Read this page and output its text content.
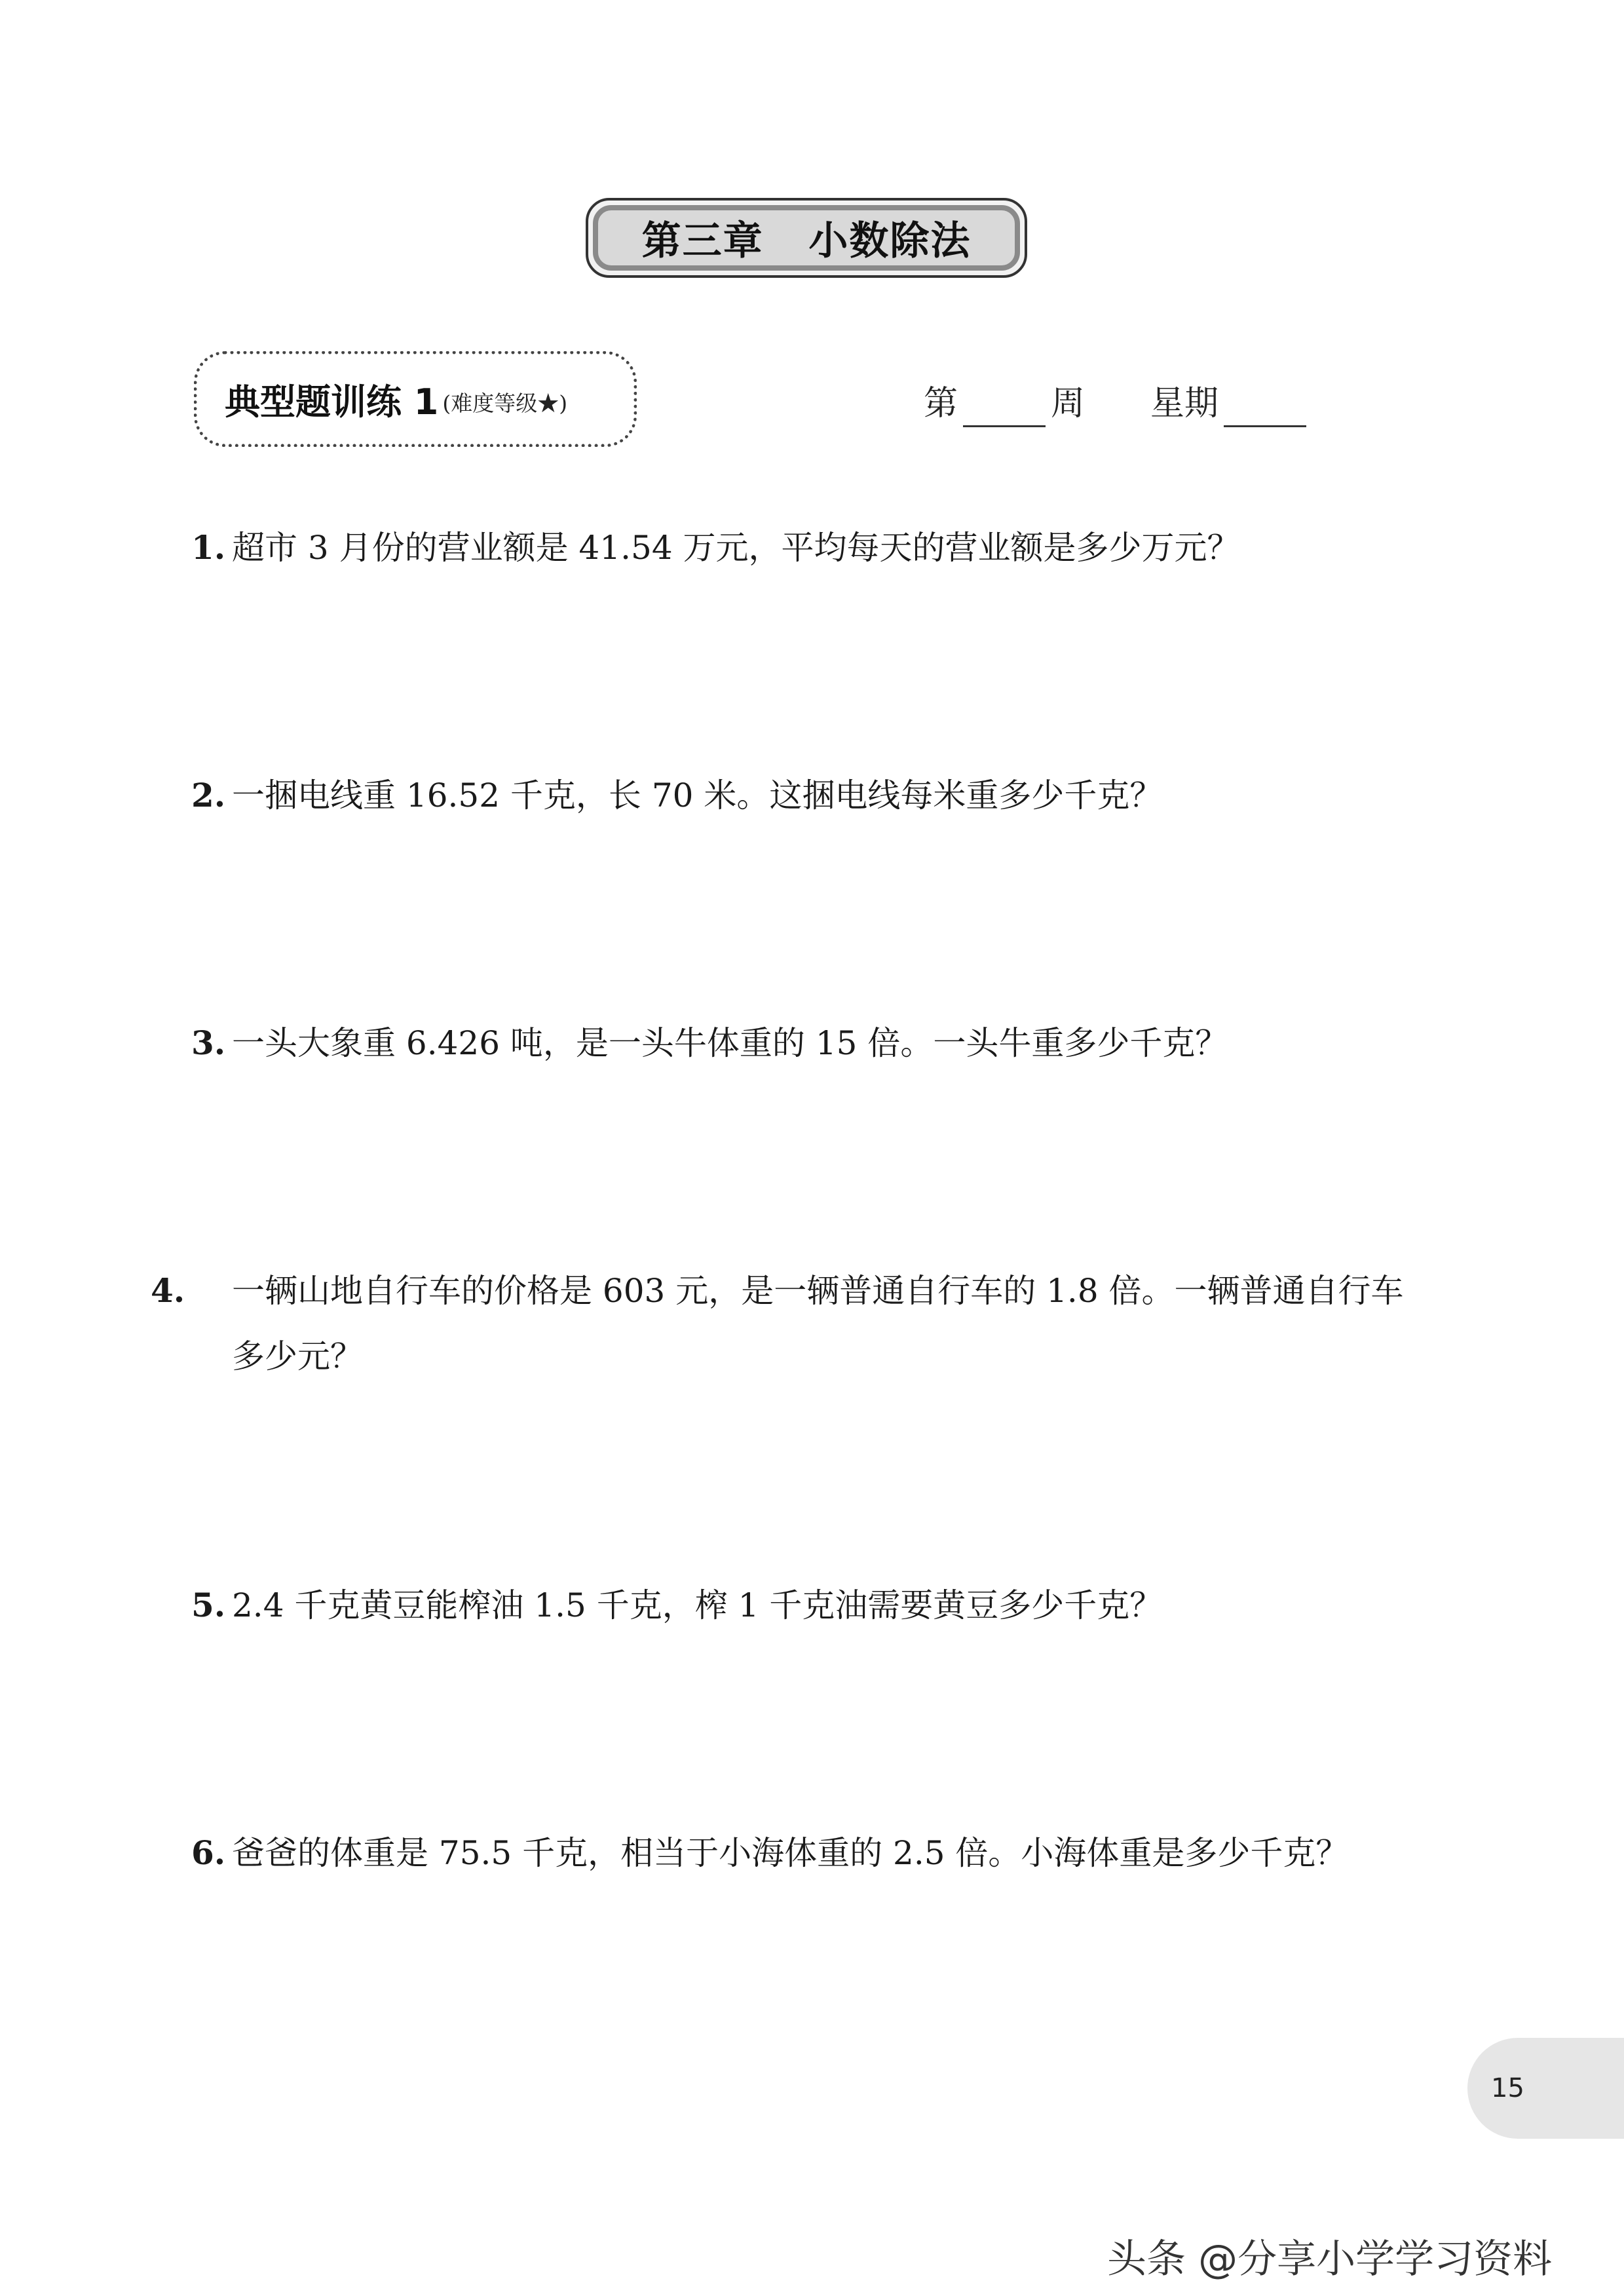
第三章   小数除法
典型题训练 1 (难度等级★)	第	周 星期
1. 超市 3 月份的营业额是 41.54 万元，平均每天的营业额是多少万元？
2. 一捆电线重 16.52 千克，长 70 米。这捆电线每米重多少千克？
3. 一头大象重 6.426 吨，是一头牛体重的 15 倍。一头牛重多少千克？
4. 一辆山地自行车的价格是 603 元，是一辆普通自行车的 1.8 倍。一辆普通自行车多少元？
5. 2.4 千克黄豆能榨油 1.5 千克，榨 1 千克油需要黄豆多少千克？
6. 爸爸的体重是 75.5 千克，相当于小海体重的 2.5 倍。小海体重是多少千克？
15
头条 @分享小学学习资料
